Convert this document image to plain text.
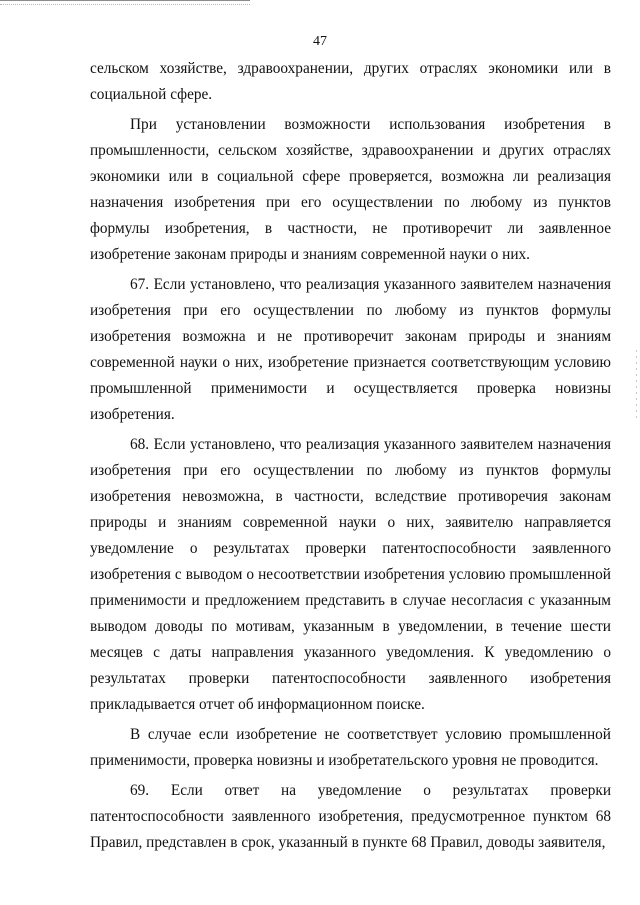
47

сельском хозяйстве, здравоохранении, других отраслях экономики или в социальной сфере.

При установлении возможности использования изобретения в промышленности, сельском хозяйстве, здравоохранении и других отраслях экономики или в социальной сфере проверяется, возможна ли реализация назначения изобретения при его осуществлении по любому из пунктов формулы изобретения, в частности, не противоречит ли заявленное изобретение законам природы и знаниям современной науки о них.

67. Если установлено, что реализация указанного заявителем назначения изобретения при его осуществлении по любому из пунктов формулы изобретения возможна и не противоречит законам природы и знаниям современной науки о них, изобретение признается соответствующим условию промышленной применимости и осуществляется проверка новизны изобретения.

68. Если установлено, что реализация указанного заявителем назначения изобретения при его осуществлении по любому из пунктов формулы изобретения невозможна, в частности, вследствие противоречия законам природы и знаниям современной науки о них, заявителю направляется уведомление о результатах проверки патентоспособности заявленного изобретения с выводом о несоответствии изобретения условию промышленной применимости и предложением представить в случае несогласия с указанным выводом доводы по мотивам, указанным в уведомлении, в течение шести месяцев с даты направления указанного уведомления. К уведомлению о результатах проверки патентоспособности заявленного изобретения прикладывается отчет об информационном поиске.

В случае если изобретение не соответствует условию промышленной применимости, проверка новизны и изобретательского уровня не проводится.

69. Если ответ на уведомление о результатах проверки патентоспособности заявленного изобретения, предусмотренное пунктом 68 Правил, представлен в срок, указанный в пункте 68 Правил, доводы заявителя,
